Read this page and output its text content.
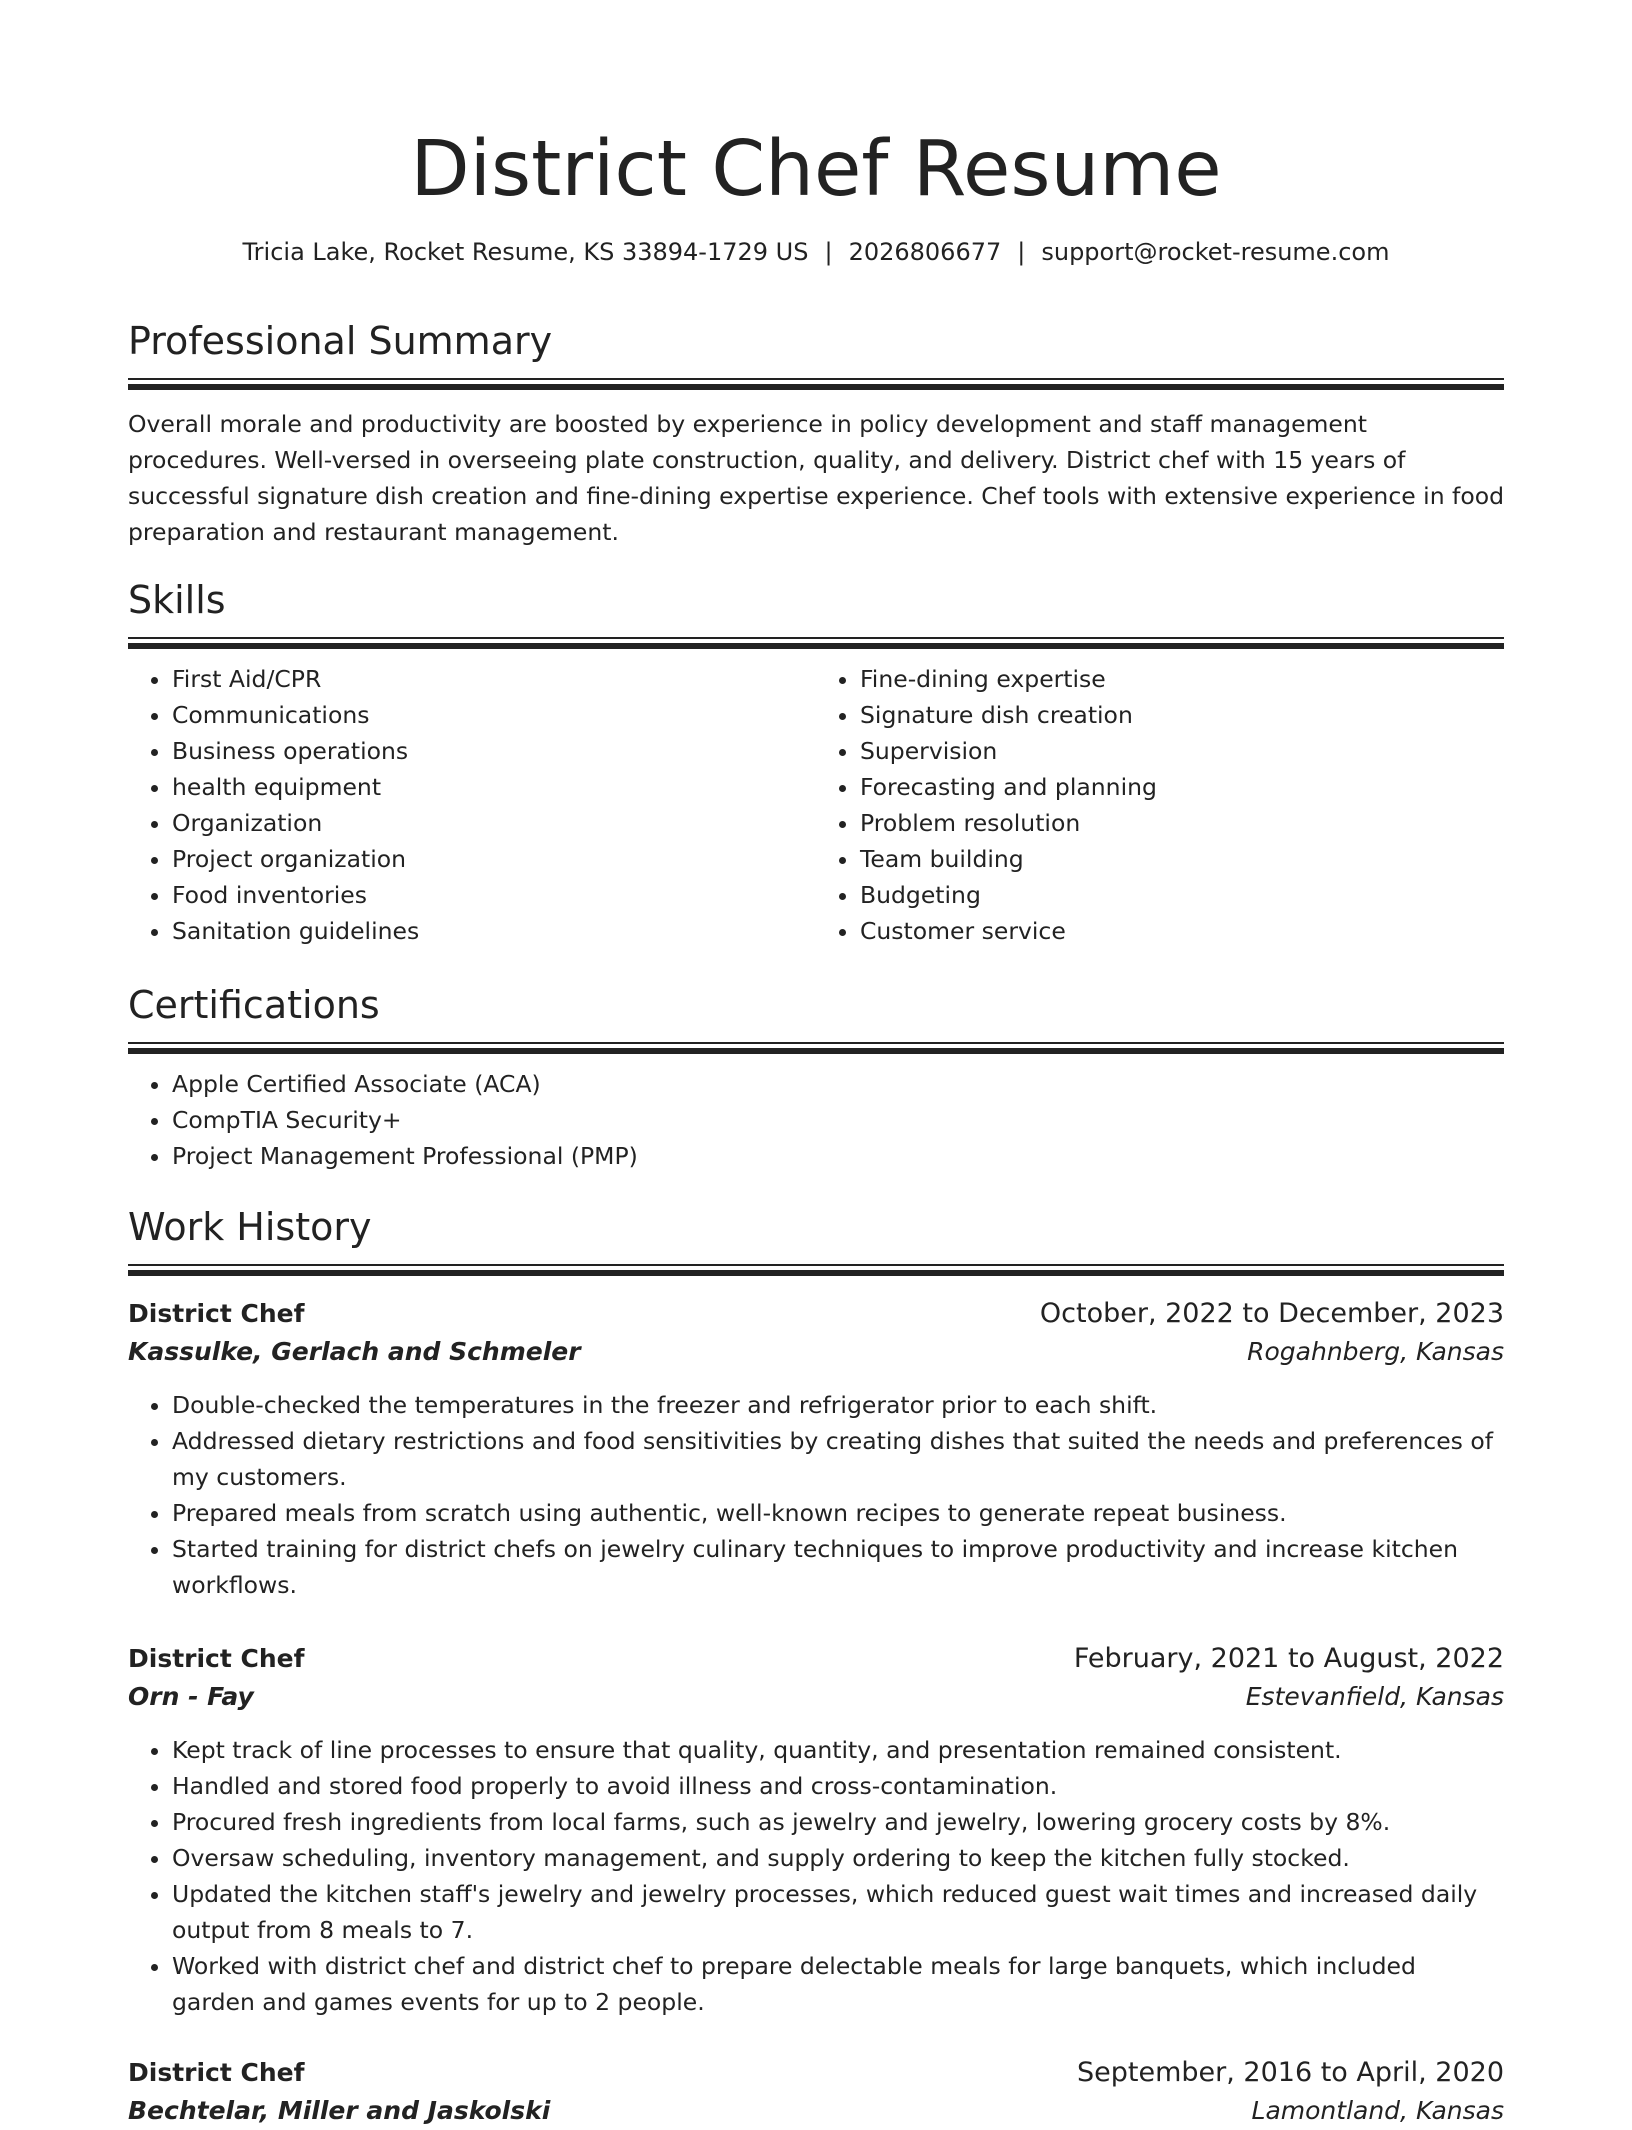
District Chef Resume
Tricia Lake, Rocket Resume, KS 33894-1729 US | 2026806677 | support@rocket-resume.com
Professional Summary

Overall morale and productivity are boosted by experience in policy development and staff management procedures. Well-versed in overseeing plate construction, quality, and delivery. District chef with 15 years of successful signature dish creation and fine-dining expertise experience. Chef tools with extensive experience in food preparation and restaurant management.

Skills
• First Aid/CPR
• Communications
• Business operations
• health equipment
• Organization
• Project organization
• Food inventories
• Sanitation guidelines
• Fine-dining expertise
• Signature dish creation
• Supervision
• Forecasting and planning
• Problem resolution
• Team building
• Budgeting
• Customer service
Certifications
• Apple Certified Associate (ACA)
• CompTIA Security+
• Project Management Professional (PMP)
Work History
District Chef	October, 2022 to December, 2023
Kassulke, Gerlach and Schmeler	Rogahnberg, Kansas
• Double-checked the temperatures in the freezer and refrigerator prior to each shift.
• Addressed dietary restrictions and food sensitivities by creating dishes that suited the needs and preferences of my customers.
• Prepared meals from scratch using authentic, well-known recipes to generate repeat business.
• Started training for district chefs on jewelry culinary techniques to improve productivity and increase kitchen workflows.
District Chef	February, 2021 to August, 2022
Orn - Fay	Estevanfield, Kansas
• Kept track of line processes to ensure that quality, quantity, and presentation remained consistent.
• Handled and stored food properly to avoid illness and cross-contamination.
• Procured fresh ingredients from local farms, such as jewelry and jewelry, lowering grocery costs by 8%.
• Oversaw scheduling, inventory management, and supply ordering to keep the kitchen fully stocked.
• Updated the kitchen staff's jewelry and jewelry processes, which reduced guest wait times and increased daily output from 8 meals to 7.
• Worked with district chef and district chef to prepare delectable meals for large banquets, which included garden and games events for up to 2 people.
District Chef	September, 2016 to April, 2020
Bechtelar, Miller and Jaskolski	Lamontland, Kansas
